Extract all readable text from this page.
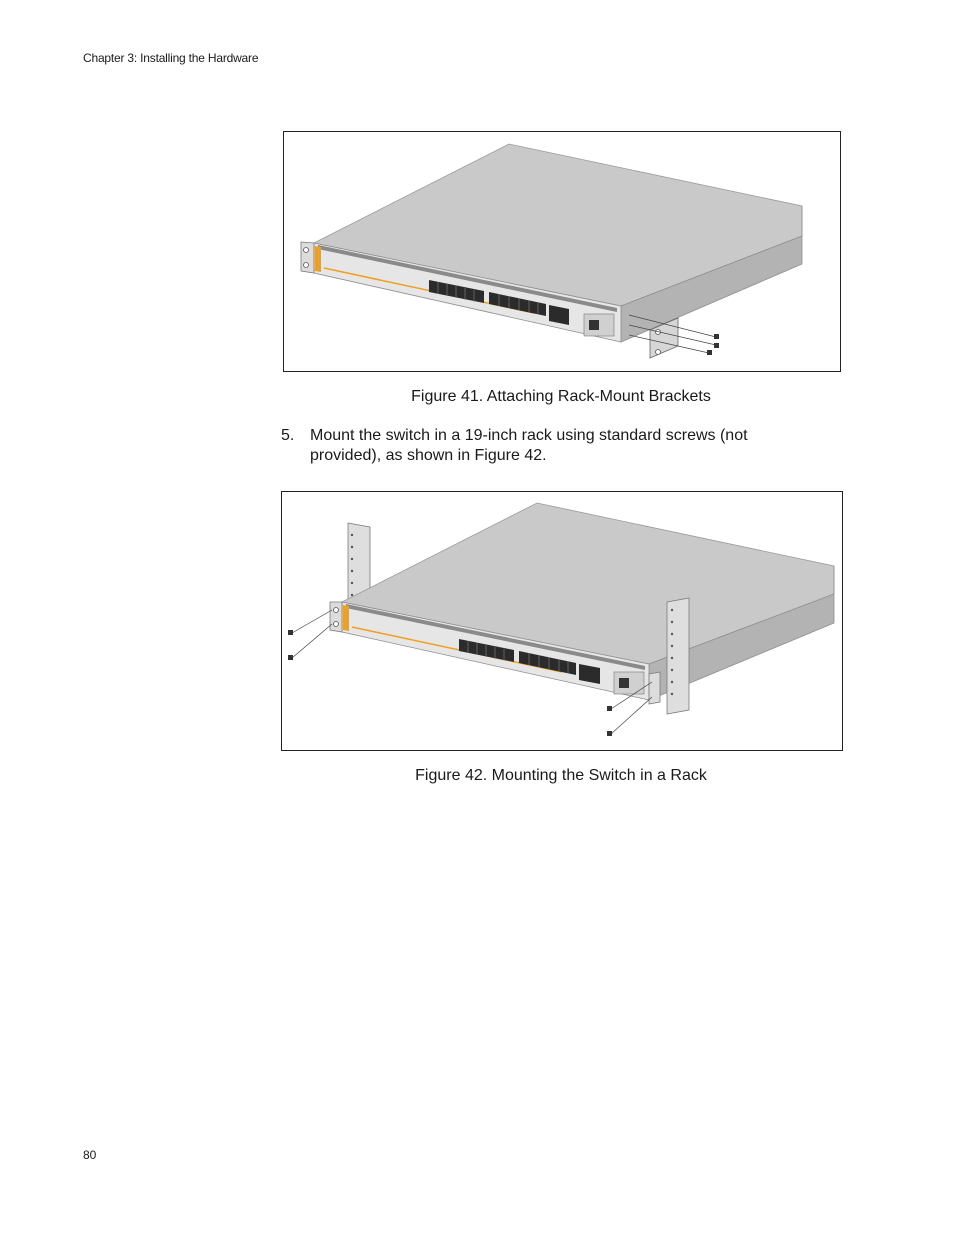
Chapter 3: Installing the Hardware
Figure 41. Attaching Rack-Mount Brackets
5. Mount the switch in a 19-inch rack using standard screws (not provided), as shown in Figure 42.
Figure 42. Mounting the Switch in a Rack
80
